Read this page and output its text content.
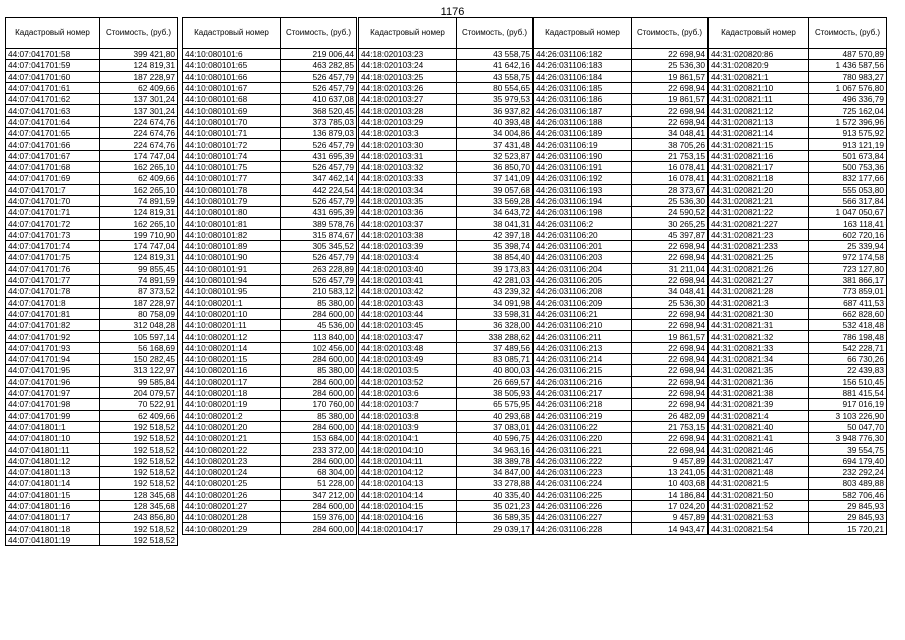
1176
Кадастровый номер	Стоимость, (руб.)
44:07:041701:58	399 421,80
44:07:041701:59	124 819,31
44:07:041701:60	187 228,97
44:07:041701:61	62 409,66
44:07:041701:62	137 301,24
44:07:041701:63	137 301,24
44:07:041701:64	224 674,76
44:07:041701:65	224 674,76
44:07:041701:66	224 674,76
44:07:041701:67	174 747,04
44:07:041701:68	162 265,10
44:07:041701:69	62 409,66
44:07:041701:7	162 265,10
44:07:041701:70	74 891,59
44:07:041701:71	124 819,31
44:07:041701:72	162 265,10
44:07:041701:73	199 710,90
44:07:041701:74	174 747,04
44:07:041701:75	124 819,31
44:07:041701:76	99 855,45
44:07:041701:77	74 891,59
44:07:041701:78	87 373,52
44:07:041701:8	187 228,97
44:07:041701:81	80 758,09
44:07:041701:82	312 048,28
44:07:041701:92	105 597,14
44:07:041701:93	56 168,69
44:07:041701:94	150 282,45
44:07:041701:95	313 122,97
44:07:041701:96	99 585,84
44:07:041701:97	204 079,57
44:07:041701:98	70 522,91
44:07:041701:99	62 409,66
44:07:041801:1	192 518,52
44:07:041801:10	192 518,52
44:07:041801:11	192 518,52
44:07:041801:12	192 518,52
44:07:041801:13	192 518,52
44:07:041801:14	192 518,52
44:07:041801:15	128 345,68
44:07:041801:16	128 345,68
44:07:041801:17	243 856,80
44:07:041801:18	192 518,52
44:07:041801:19	192 518,52
Кадастровый номер	Стоимость, (руб.)
44:10:080101:6	219 006,44
44:10:080101:65	463 282,85
44:10:080101:66	526 457,79
44:10:080101:67	526 457,79
44:10:080101:68	410 637,08
44:10:080101:69	368 520,45
44:10:080101:70	373 785,03
44:10:080101:71	136 879,03
44:10:080101:72	526 457,79
44:10:080101:74	431 695,39
44:10:080101:75	526 457,79
44:10:080101:77	347 462,14
44:10:080101:78	442 224,54
44:10:080101:79	526 457,79
44:10:080101:80	431 695,39
44:10:080101:81	389 578,76
44:10:080101:82	315 874,67
44:10:080101:89	305 345,52
44:10:080101:90	526 457,79
44:10:080101:91	263 228,89
44:10:080101:94	526 457,79
44:10:080101:95	210 583,12
44:10:080201:1	85 380,00
44:10:080201:10	284 600,00
44:10:080201:11	45 536,00
44:10:080201:12	113 840,00
44:10:080201:14	102 456,00
44:10:080201:15	284 600,00
44:10:080201:16	85 380,00
44:10:080201:17	284 600,00
44:10:080201:18	284 600,00
44:10:080201:19	170 760,00
44:10:080201:2	85 380,00
44:10:080201:20	284 600,00
44:10:080201:21	153 684,00
44:10:080201:22	233 372,00
44:10:080201:23	284 600,00
44:10:080201:24	68 304,00
44:10:080201:25	51 228,00
44:10:080201:26	347 212,00
44:10:080201:27	284 600,00
44:10:080201:28	159 376,00
44:10:080201:29	284 600,00
Кадастровый номер	Стоимость, (руб.)
44:18:020103:23	43 558,75
44:18:020103:24	41 642,16
44:18:020103:25	43 558,75
44:18:020103:26	80 554,65
44:18:020103:27	35 979,53
44:18:020103:28	36 937,82
44:18:020103:29	40 393,48
44:18:020103:3	34 004,86
44:18:020103:30	37 431,48
44:18:020103:31	32 523,87
44:18:020103:32	36 850,70
44:18:020103:33	37 141,09
44:18:020103:34	39 057,68
44:18:020103:35	33 569,28
44:18:020103:36	34 643,72
44:18:020103:37	38 041,31
44:18:020103:38	42 397,18
44:18:020103:39	35 398,74
44:18:020103:4	38 854,40
44:18:020103:40	39 173,83
44:18:020103:41	42 281,03
44:18:020103:42	43 239,32
44:18:020103:43	34 091,98
44:18:020103:44	33 598,31
44:18:020103:45	36 328,00
44:18:020103:47	338 288,62
44:18:020103:48	37 489,56
44:18:020103:49	83 085,71
44:18:020103:5	40 800,03
44:18:020103:52	26 669,57
44:18:020103:6	38 505,93
44:18:020103:7	65 575,95
44:18:020103:8	40 293,68
44:18:020103:9	37 083,01
44:18:020104:1	40 596,75
44:18:020104:10	34 963,16
44:18:020104:11	38 389,78
44:18:020104:12	34 847,00
44:18:020104:13	33 278,88
44:18:020104:14	40 335,40
44:18:020104:15	35 021,23
44:18:020104:16	36 589,35
44:18:020104:17	29 039,17
Кадастровый номер	Стоимость, (руб.)
44:26:031106:182	22 698,94
44:26:031106:183	25 536,30
44:26:031106:184	19 861,57
44:26:031106:185	22 698,94
44:26:031106:186	19 861,57
44:26:031106:187	22 698,94
44:26:031106:188	22 698,94
44:26:031106:189	34 048,41
44:26:031106:19	38 705,26
44:26:031106:190	21 753,15
44:26:031106:191	16 078,41
44:26:031106:192	16 078,41
44:26:031106:193	28 373,67
44:26:031106:194	25 536,30
44:26:031106:198	24 590,52
44:26:031106:2	30 265,25
44:26:031106:20	45 397,87
44:26:031106:201	22 698,94
44:26:031106:203	22 698,94
44:26:031106:204	31 211,04
44:26:031106:205	22 698,94
44:26:031106:208	34 048,41
44:26:031106:209	25 536,30
44:26:031106:21	22 698,94
44:26:031106:210	22 698,94
44:26:031106:211	19 861,57
44:26:031106:213	22 698,94
44:26:031106:214	22 698,94
44:26:031106:215	22 698,94
44:26:031106:216	22 698,94
44:26:031106:217	22 698,94
44:26:031106:218	22 698,94
44:26:031106:219	26 482,09
44:26:031106:22	21 753,15
44:26:031106:220	22 698,94
44:26:031106:221	22 698,94
44:26:031106:222	9 457,89
44:26:031106:223	13 241,05
44:26:031106:224	10 403,68
44:26:031106:225	14 186,84
44:26:031106:226	17 024,20
44:26:031106:227	9 457,89
44:26:031106:228	14 943,47
Кадастровый номер	Стоимость, (руб.)
44:31:020820:86	487 570,89
44:31:020820:9	1 436 587,56
44:31:020821:1	780 983,27
44:31:020821:10	1 067 576,80
44:31:020821:11	496 336,79
44:31:020821:12	725 162,04
44:31:020821:13	1 572 396,96
44:31:020821:14	913 575,92
44:31:020821:15	913 121,19
44:31:020821:16	501 673,84
44:31:020821:17	500 753,36
44:31:020821:18	832 177,66
44:31:020821:20	555 053,80
44:31:020821:21	566 317,84
44:31:020821:22	1 047 050,67
44:31:020821:227	163 118,41
44:31:020821:23	602 720,16
44:31:020821:233	25 339,94
44:31:020821:25	972 174,58
44:31:020821:26	723 127,80
44:31:020821:27	381 866,17
44:31:020821:28	773 859,01
44:31:020821:3	687 411,53
44:31:020821:30	662 828,60
44:31:020821:31	532 418,48
44:31:020821:32	786 198,48
44:31:020821:33	542 228,71
44:31:020821:34	66 730,26
44:31:020821:35	22 439,83
44:31:020821:36	156 510,45
44:31:020821:38	881 415,54
44:31:020821:39	917 016,19
44:31:020821:4	3 103 226,90
44:31:020821:40	50 047,70
44:31:020821:41	3 948 776,30
44:31:020821:46	39 554,75
44:31:020821:47	694 179,40
44:31:020821:48	232 292,24
44:31:020821:5	803 489,88
44:31:020821:50	582 706,46
44:31:020821:52	29 845,93
44:31:020821:53	29 845,93
44:31:020821:54	15 720,21
